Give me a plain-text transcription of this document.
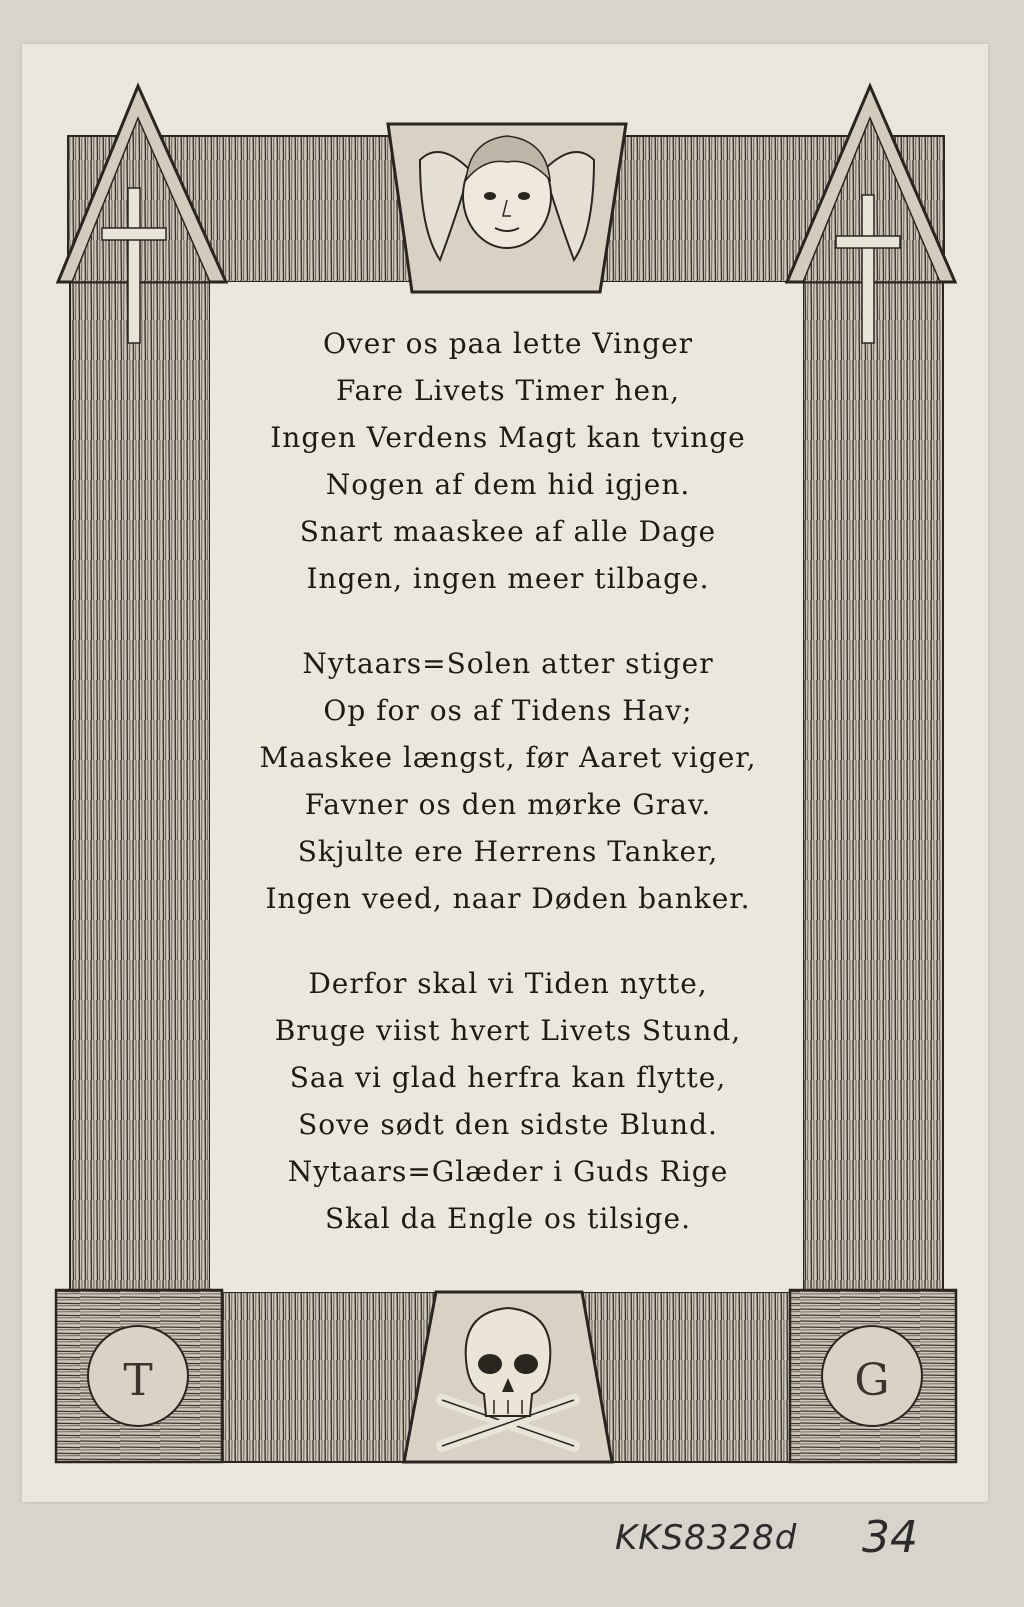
T	G
Over os paa lette Vinger
Fare Livets Timer hen,
Ingen Verdens Magt kan tvinge
Nogen af dem hid igjen.
Snart maaskee af alle Dage
Ingen, ingen meer tilbage.
Nytaars=Solen atter stiger
Op for os af Tidens Hav;
Maaskee længst, før Aaret viger,
Favner os den mørke Grav.
Skjulte ere Herrens Tanker,
Ingen veed, naar Døden banker.
Derfor skal vi Tiden nytte,
Bruge viist hvert Livets Stund,
Saa vi glad herfra kan flytte,
Sove sødt den sidste Blund.
Nytaars=Glæder i Guds Rige
Skal da Engle os tilsige.
KKS8328d 34
